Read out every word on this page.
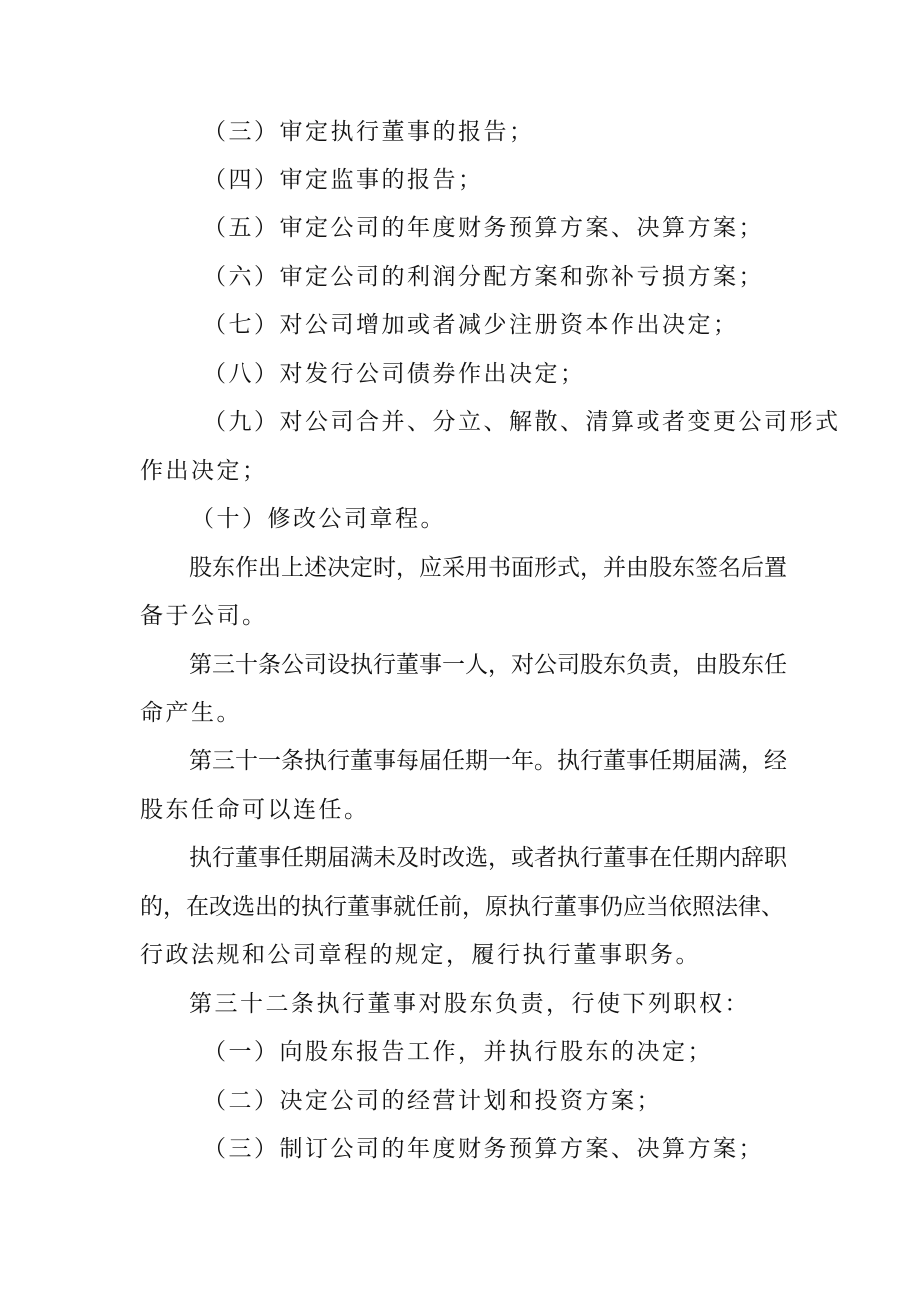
（三）审定执行董事的报告；
（四）审定监事的报告；
（五）审定公司的年度财务预算方案、决算方案；
（六）审定公司的利润分配方案和弥补亏损方案；
（七）对公司增加或者减少注册资本作出决定；
（八）对发行公司债券作出决定；
（九）对公司合并、分立、解散、清算或者变更公司形式
作出决定；
（十）修改公司章程。
股东作出上述决定时，应采用书面形式，并由股东签名后置
备于公司。
第三十条公司设执行董事一人，对公司股东负责，由股东任
命产生。
第三十一条执行董事每届任期一年。执行董事任期届满，经
股东任命可以连任。
执行董事任期届满未及时改选，或者执行董事在任期内辞职
的，在改选出的执行董事就任前，原执行董事仍应当依照法律、
行政法规和公司章程的规定，履行执行董事职务。
第三十二条执行董事对股东负责，行使下列职权：
（一）向股东报告工作，并执行股东的决定；
（二）决定公司的经营计划和投资方案；
（三）制订公司的年度财务预算方案、决算方案；
